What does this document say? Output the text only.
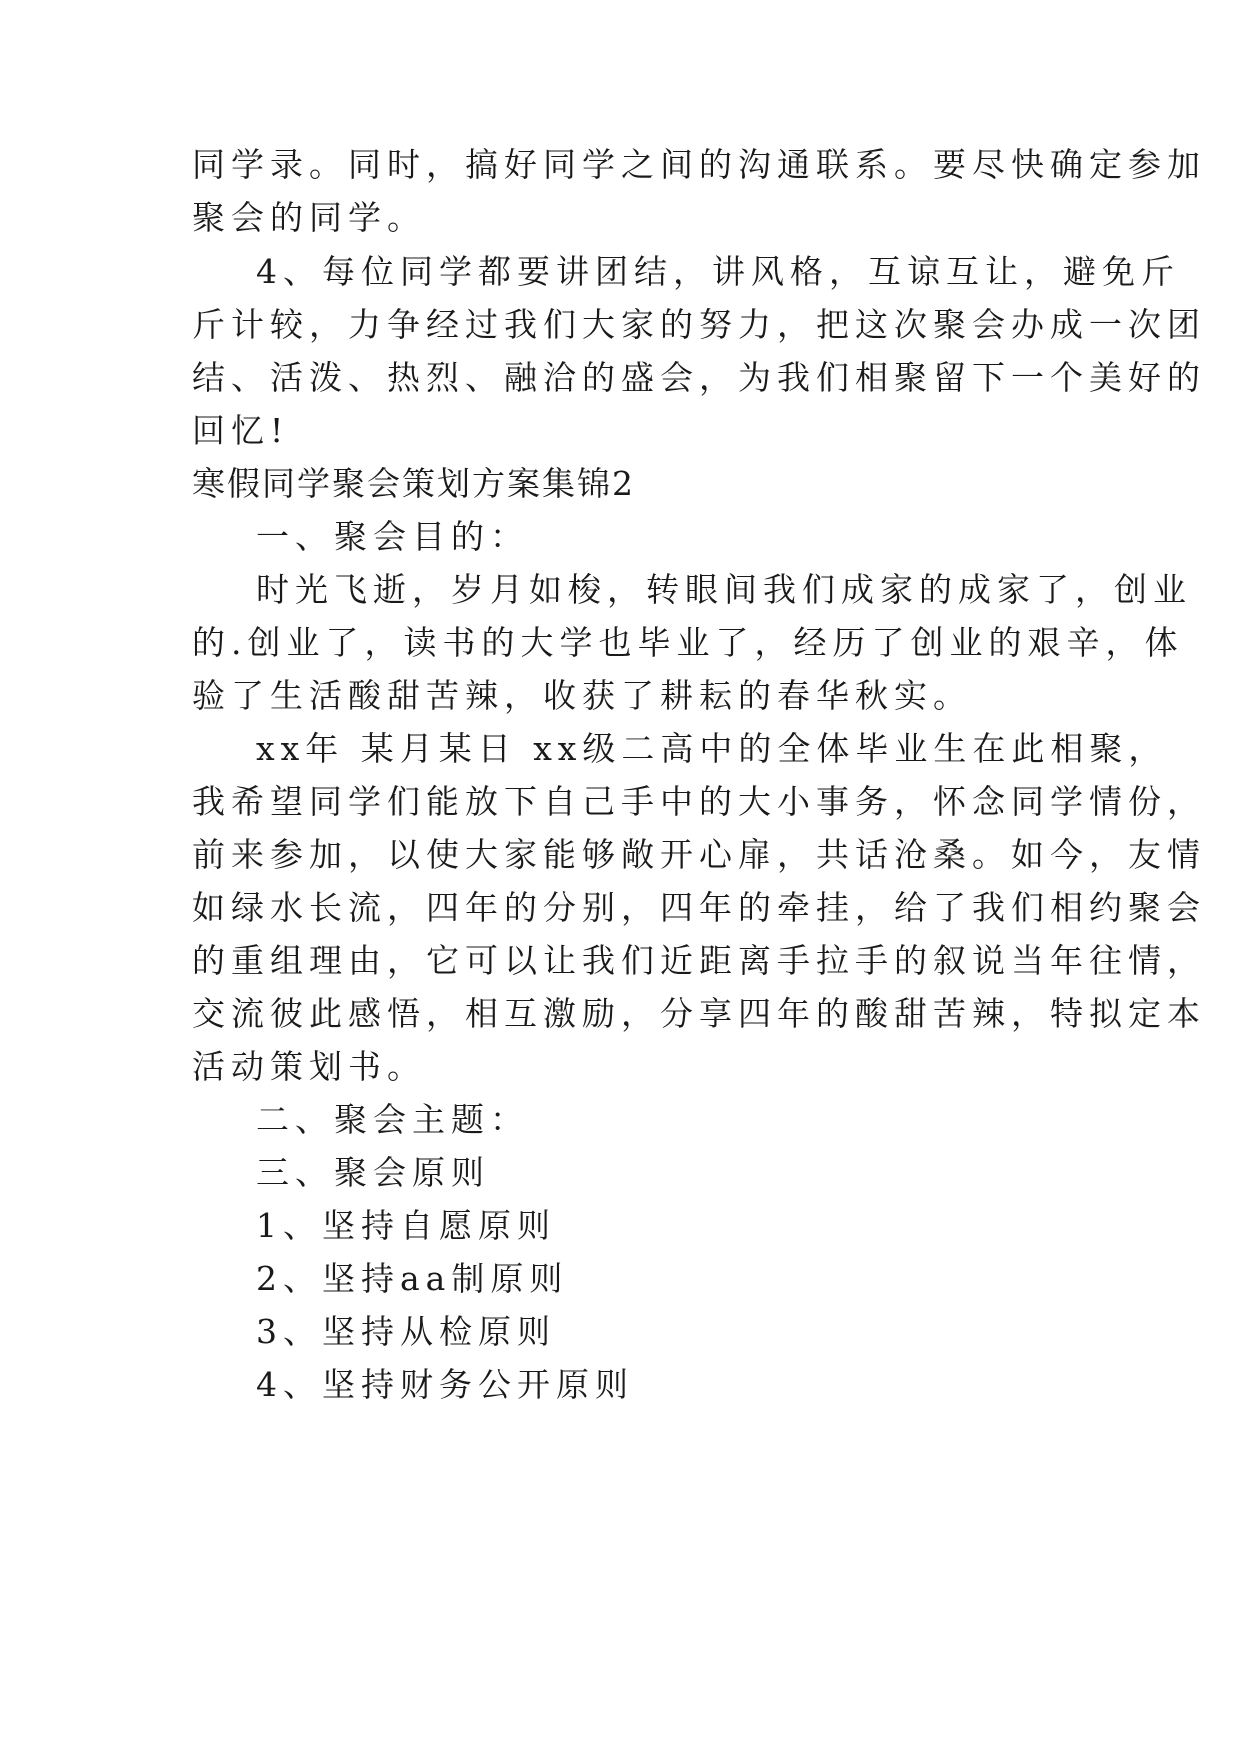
同学录。同时，搞好同学之间的沟通联系。要尽快确定参加
聚会的同学。
4、每位同学都要讲团结，讲风格，互谅互让，避免斤
斤计较，力争经过我们大家的努力，把这次聚会办成一次团
结、活泼、热烈、融洽的盛会，为我们相聚留下一个美好的
回忆!
寒假同学聚会策划方案集锦2
一、聚会目的：
时光飞逝，岁月如梭，转眼间我们成家的成家了，创业
的.创业了，读书的大学也毕业了，经历了创业的艰辛，体
验了生活酸甜苦辣，收获了耕耘的春华秋实。
xx年 某月某日 xx级二高中的全体毕业生在此相聚，
我希望同学们能放下自己手中的大小事务，怀念同学情份，
前来参加，以使大家能够敞开心扉，共话沧桑。如今，友情
如绿水长流，四年的分别，四年的牵挂，给了我们相约聚会
的重组理由，它可以让我们近距离手拉手的叙说当年往情，
交流彼此感悟，相互激励，分享四年的酸甜苦辣，特拟定本
活动策划书。
二、聚会主题：
三、聚会原则
1、坚持自愿原则
2、坚持aa制原则
3、坚持从检原则
4、坚持财务公开原则
